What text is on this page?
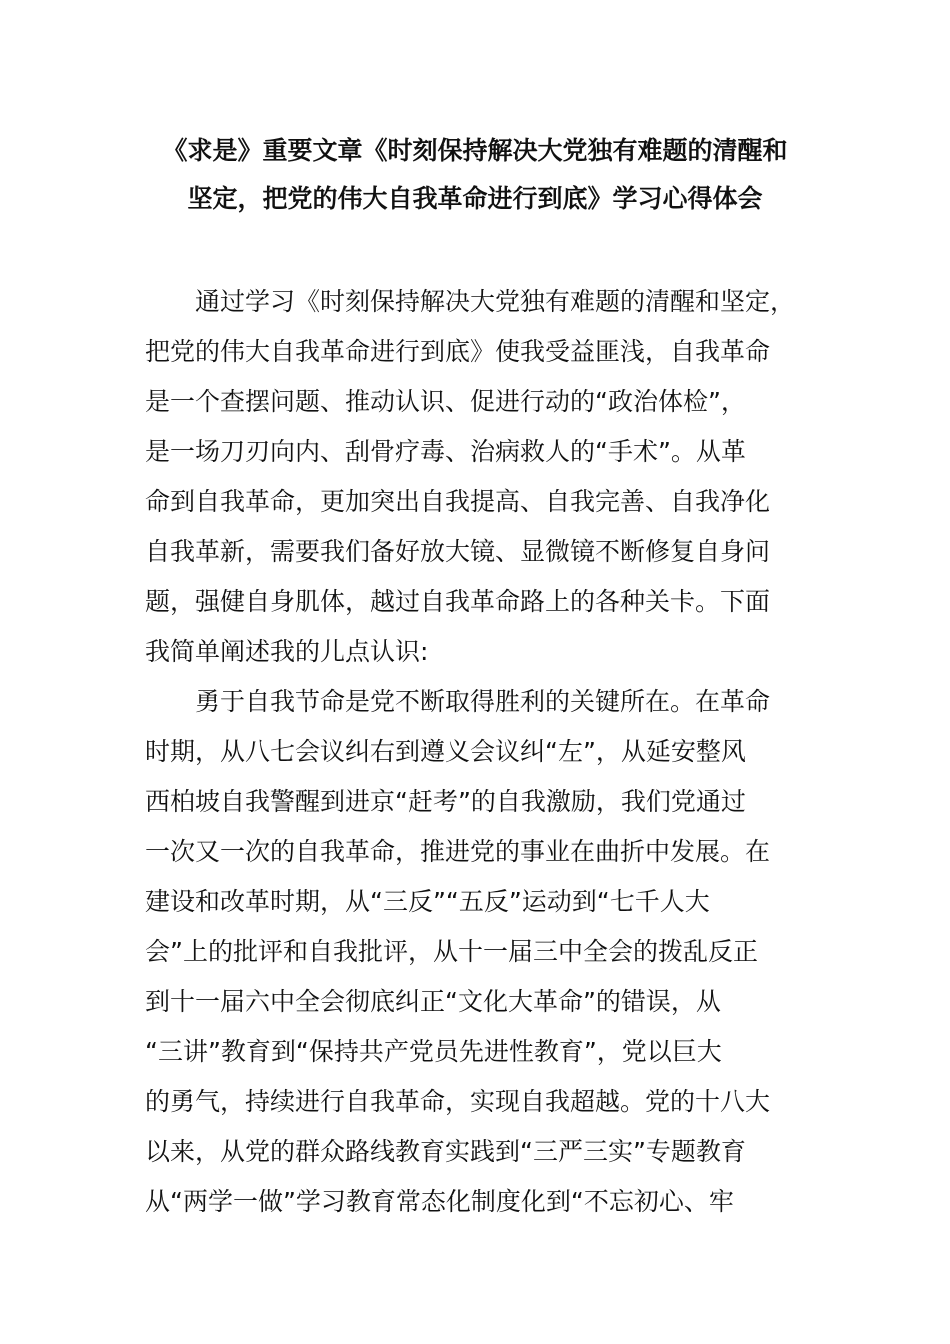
《求是》重要文章《时刻保持解决大党独有难题的清醒和
坚定，把党的伟大自我革命进行到底》学习心得体会
通过学习《时刻保持解决大党独有难题的清醒和坚定，
把党的伟大自我革命进行到底》使我受益匪浅，自我革命
是一个查摆问题、推动认识、促进行动的“政治体检”，
是一场刀刃向内、刮骨疗毒、治病救人的“手术”。从革
命到自我革命，更加突出自我提高、自我完善、自我净化
自我革新，需要我们备好放大镜、显微镜不断修复自身问
题，强健自身肌体，越过自我革命路上的各种关卡。下面
我简单阐述我的儿点认识:
勇于自我节命是党不断取得胜利的关键所在。在革命
时期，从八七会议纠右到遵义会议纠“左”，从延安整风
西柏坡自我警醒到进京“赶考”的自我激励，我们党通过
一次又一次的自我革命，推进党的事业在曲折中发展。在
建设和改革时期，从“三反”“五反”运动到“七千人大
会”上的批评和自我批评，从十一届三中全会的拨乱反正
到十一届六中全会彻底纠正“文化大革命”的错误，从
“三讲”教育到“保持共产党员先进性教育”，党以巨大
的勇气，持续进行自我革命，实现自我超越。党的十八大
以来，从党的群众路线教育实践到“三严三实”专题教育
从“两学一做”学习教育常态化制度化到“不忘初心、牢
